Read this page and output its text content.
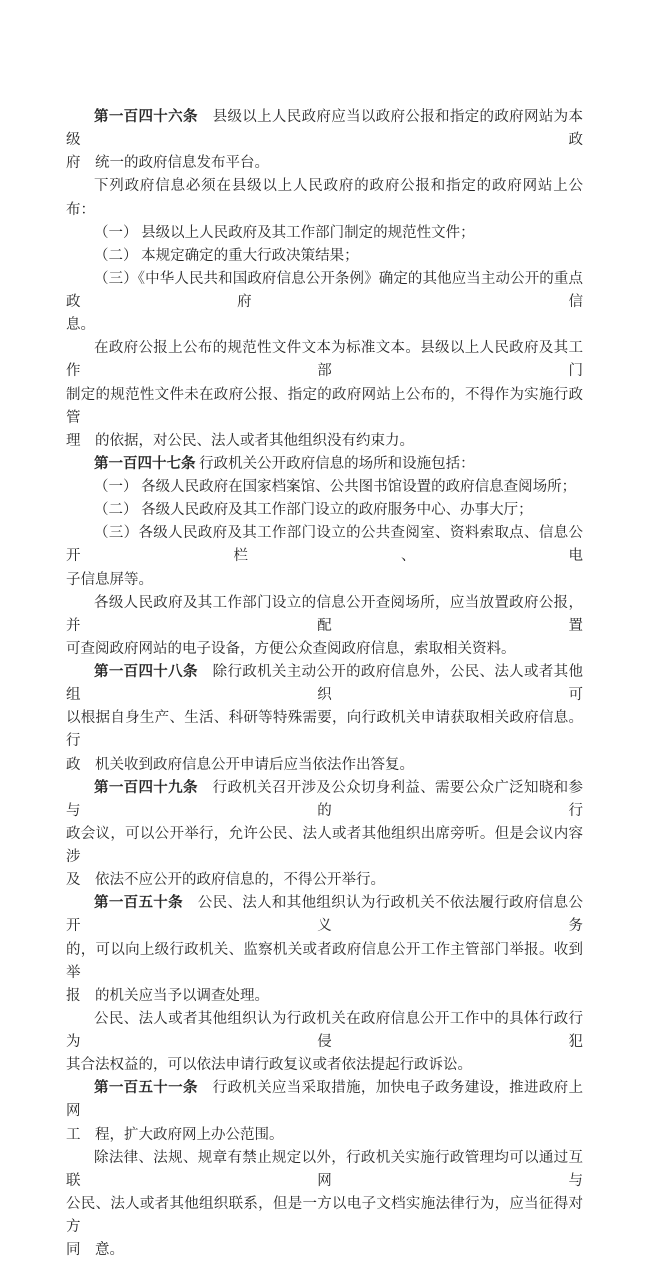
第一百四十六条　县级以上人民政府应当以政府公报和指定的政府网站为本级政
府　统一的政府信息发布平台。
下列政府信息必须在县级以上人民政府的政府公报和指定的政府网站上公布：
（一） 县级以上人民政府及其工作部门制定的规范性文件；
（二） 本规定确定的重大行政决策结果；
（三）《中华人民共和国政府信息公开条例》确定的其他应当主动公开的重点政府 信
息。
在政府公报上公布的规范性文件文本为标准文本。县级以上人民政府及其工作部门
制定的规范性文件未在政府公报、指定的政府网站上公布的，不得作为实施行政管
理　的依据，对公民、法人或者其他组织没有约束力。
第一百四十七条 行政机关公开政府信息的场所和设施包括：
（一） 各级人民政府在国家档案馆、公共图书馆设置的政府信息查阅场所；
（二） 各级人民政府及其工作部门设立的政府服务中心、办事大厅；
（三）各级人民政府及其工作部门设立的公共查阅室、资料索取点、信息公开栏、电
子信息屏等。
各级人民政府及其工作部门设立的信息公开查阅场所，应当放置政府公报，并配置
可查阅政府网站的电子设备，方便公众查阅政府信息，索取相关资料。
第一百四十八条　除行政机关主动公开的政府信息外，公民、法人或者其他组织可
以根据自身生产、生活、科研等特殊需要，向行政机关申请获取相关政府信息。行
政　机关收到政府信息公开申请后应当依法作出答复。
第一百四十九条　行政机关召开涉及公众切身利益、需要公众广泛知晓和参与的行
政会议，可以公开举行，允许公民、法人或者其他组织出席旁听。但是会议内容涉
及　依法不应公开的政府信息的，不得公开举行。
第一百五十条　公民、法人和其他组织认为行政机关不依法履行政府信息公开义务
的，可以向上级行政机关、监察机关或者政府信息公开工作主管部门举报。收到举
报　的机关应当予以调查处理。
公民、法人或者其他组织认为行政机关在政府信息公开工作中的具体行政行为侵犯
其合法权益的，可以依法申请行政复议或者依法提起行政诉讼。
第一百五十一条　行政机关应当采取措施，加快电子政务建设，推进政府上网
工　程，扩大政府网上办公范围。
除法律、法规、规章有禁止规定以外，行政机关实施行政管理均可以通过互联网与
公民、法人或者其他组织联系，但是一方以电子文档实施法律行为，应当征得对方
同　意。
